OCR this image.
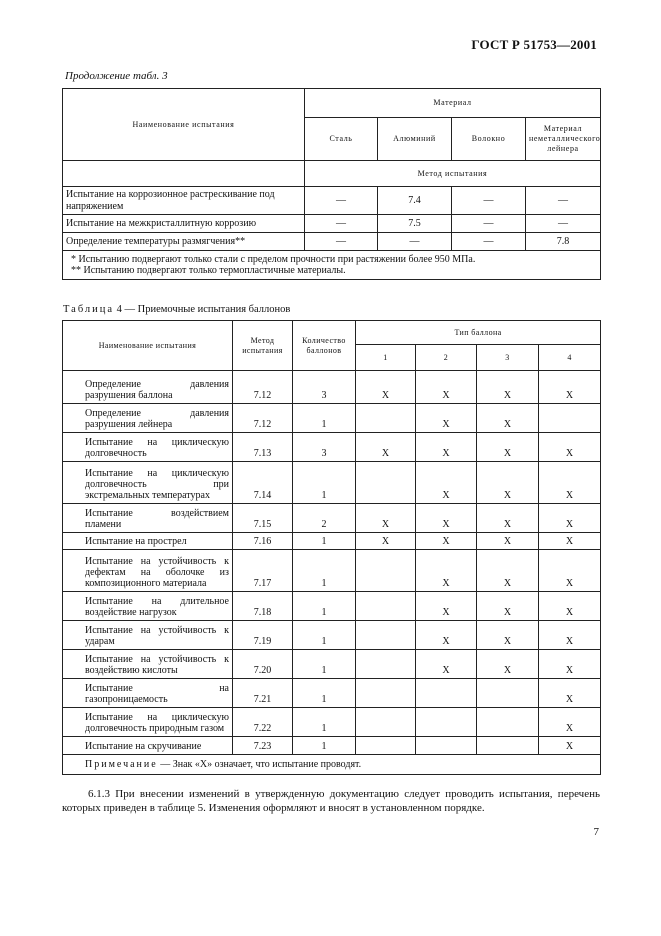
ГОСТ Р 51753—2001
Продолжение табл. 3
Наименование испытания	Материал			
	Сталь	Алюминий	Волокно	Материал неметаллического лейнера
	Метод испытания			
Испытание на коррозионное растрескивание под напряжением	—	7.4	—	—
Испытание на межкристаллитную коррозию	—	7.5	—	—
Определение температуры размягчения**	—	—	—	7.8

* Испытанию подвергают только стали с пределом прочности при растяжении более 950 МПа.
** Испытанию подвергают только термопластичные материалы.				
Таблица 4 — Приемочные испытания баллонов
Наименование испытания	Метод испытания	Количество баллонов	Тип баллона			
			1	2	3	4
Определение давления разрушения баллона	7.12	3	X	X	X	X
Определение давления разрушения лейнера	7.12	1		X	X	
Испытание на циклическую долговечность	7.13	3	X	X	X	X
Испытание на циклическую долговечность при экстремальных температурах	7.14	1		X	X	X
Испытание воздействием пламени	7.15	2	X	X	X	X
Испытание на прострел	7.16	1	X	X	X	X
Испытание на устойчивость к дефектам на оболочке из композиционного материала	7.17	1		X	X	X
Испытание на длительное воздействие нагрузок	7.18	1		X	X	X
Испытание на устойчивость к ударам	7.19	1		X	X	X
Испытание на устойчивость к воздействию кислоты	7.20	1		X	X	X
Испытание на газопроницаемость	7.21	1				X
Испытание на циклическую долговечность природным газом	7.22	1				X
Испытание на скручивание	7.23	1				X
Примечание — Знак «Х» означает, что испытание проводят.						

6.1.3 При внесении изменений в утвержденную документацию следует проводить испытания, перечень которых приведен в таблице 5. Изменения оформляют и вносят в установленном порядке.

7
